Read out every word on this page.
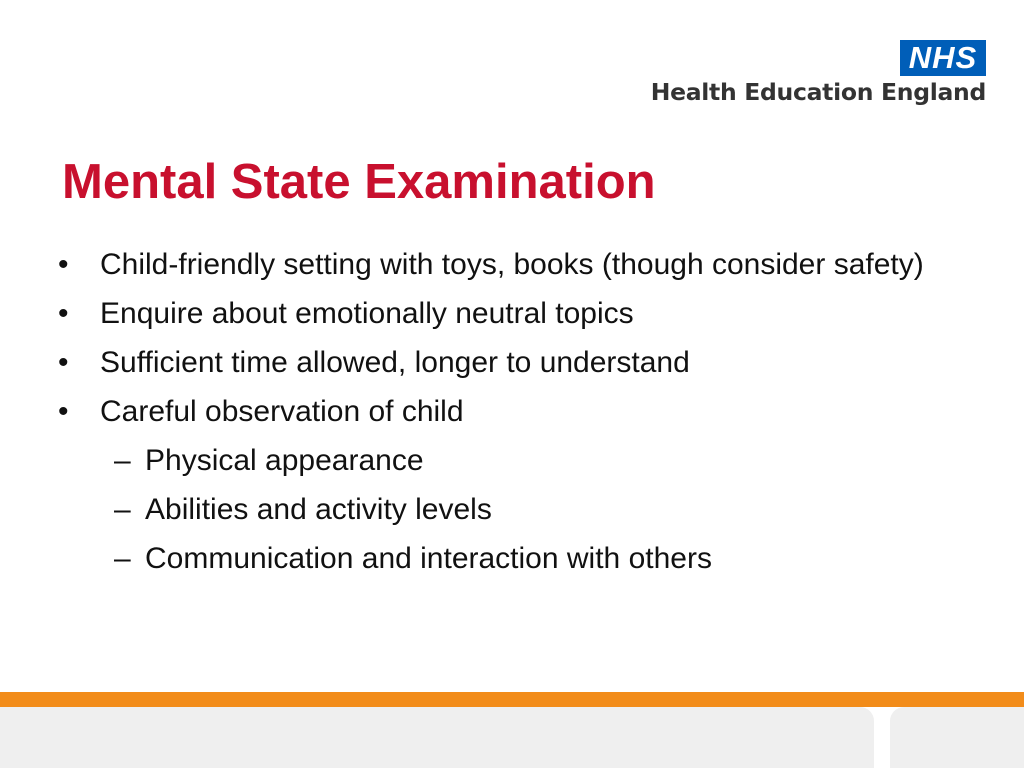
NHS
Health Education England
Mental State Examination
•	Child-friendly setting with toys, books (though consider safety)
•	Enquire about emotionally neutral topics
•	Sufficient time allowed, longer to understand
•	Careful observation of child
– Physical appearance
– Abilities and activity levels
– Communication and interaction with others
